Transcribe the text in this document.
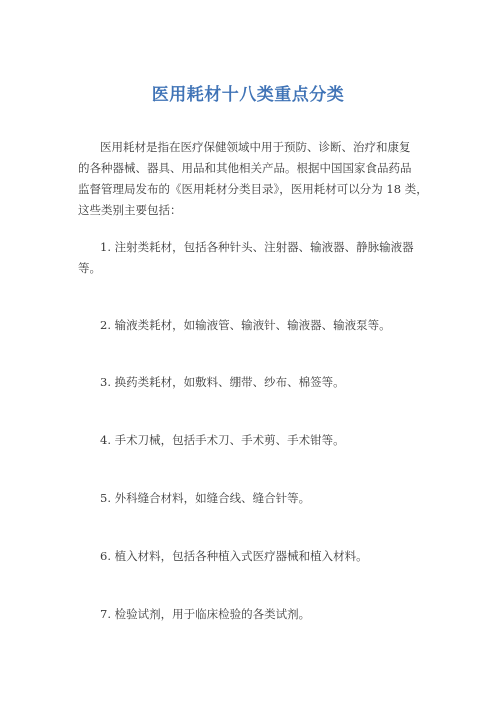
医用耗材十八类重点分类
医用耗材是指在医疗保健领域中用于预防、诊断、治疗和康复
的各种器械、器具、用品和其他相关产品。根据中国国家食品药品
监督管理局发布的《医用耗材分类目录》，医用耗材可以分为 18 类，
这些类别主要包括：
1. 注射类耗材，包括各种针头、注射器、输液器、静脉输液器
等。
2. 输液类耗材，如输液管、输液针、输液器、输液泵等。
3. 换药类耗材，如敷料、绷带、纱布、棉签等。
4. 手术刀械，包括手术刀、手术剪、手术钳等。
5. 外科缝合材料，如缝合线、缝合针等。
6. 植入材料，包括各种植入式医疗器械和植入材料。
7. 检验试剂，用于临床检验的各类试剂。
